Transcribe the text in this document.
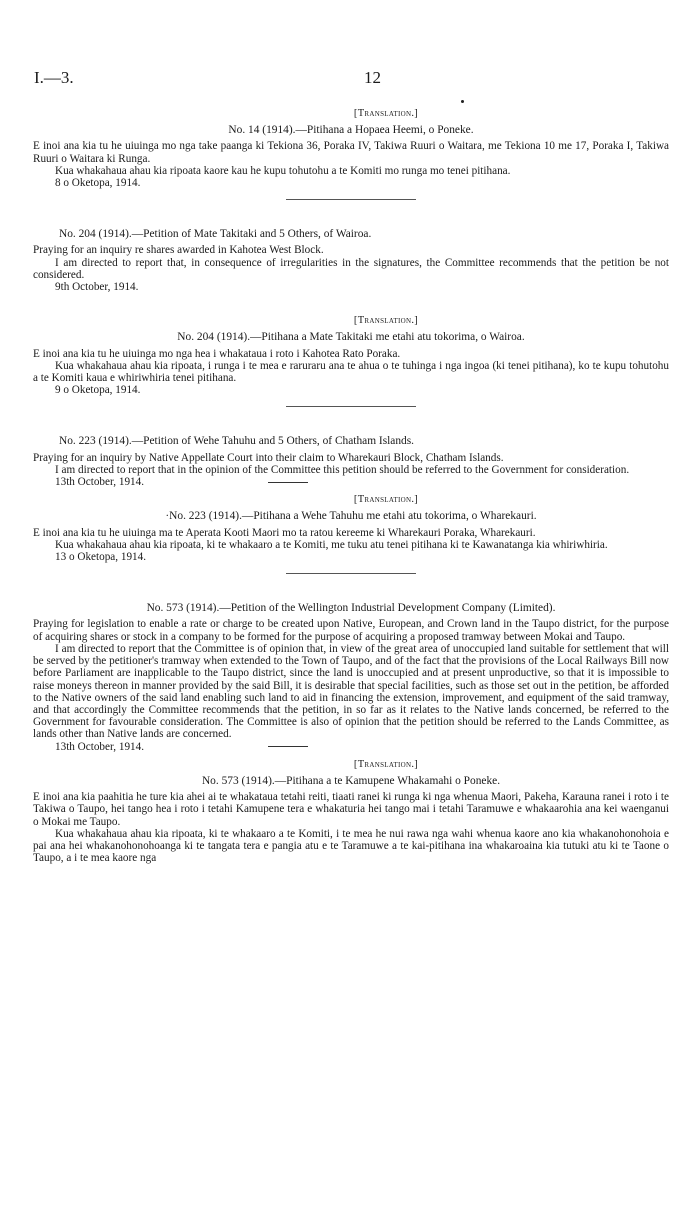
I.—3.	12
[Translation.]
No. 14 (1914).—Pitihana a Hopaea Heemi, o Poneke.

E inoi ana kia tu he uiuinga mo nga take paanga ki Tekiona 36, Poraka IV, Takiwa Ruuri o Waitara, me Tekiona 10 me 17, Poraka I, Takiwa Ruuri o Waitara ki Runga.

Kua whakahaua ahau kia ripoata kaore kau he kupu tohutohu a te Komiti mo runga mo tenei pitihana.

8 o Oketopa, 1914.
No. 204 (1914).—Petition of Mate Takitaki and 5 Others, of Wairoa.

Praying for an inquiry re shares awarded in Kahotea West Block.

I am directed to report that, in consequence of irregularities in the signatures, the Committee recommends that the petition be not considered.

9th October, 1914.
[Translation.]
No. 204 (1914).—Pitihana a Mate Takitaki me etahi atu tokorima, o Wairoa.

E inoi ana kia tu he uiuinga mo nga hea i whakataua i roto i Kahotea Rato Poraka.

Kua whakahaua ahau kia ripoata, i runga i te mea e raruraru ana te ahua o te tuhinga i nga ingoa (ki tenei pitihana), ko te kupu tohutohu a te Komiti kaua e whiriwhiria tenei pitihana.

9 o Oketopa, 1914.
No. 223 (1914).—Petition of Wehe Tahuhu and 5 Others, of Chatham Islands.

Praying for an inquiry by Native Appellate Court into their claim to Wharekauri Block, Chatham Islands.

I am directed to report that in the opinion of the Committee this petition should be referred to the Government for consideration.

13th October, 1914.
[Translation.]
·No. 223 (1914).—Pitihana a Wehe Tahuhu me etahi atu tokorima, o Wharekauri.

E inoi ana kia tu he uiuinga ma te Aperata Kooti Maori mo ta ratou kereeme ki Wharekauri Poraka, Wharekauri.

Kua whakahaua ahau kia ripoata, ki te whakaaro a te Komiti, me tuku atu tenei pitihana ki te Kawanatanga kia whiriwhiria.

13 o Oketopa, 1914.
No. 573 (1914).—Petition of the Wellington Industrial Development Company (Limited).

Praying for legislation to enable a rate or charge to be created upon Native, European, and Crown land in the Taupo district, for the purpose of acquiring shares or stock in a company to be formed for the purpose of acquiring a proposed tramway between Mokai and Taupo.

I am directed to report that the Committee is of opinion that, in view of the great area of unoccupied land suitable for settlement that will be served by the petitioner's tramway when extended to the Town of Taupo, and of the fact that the provisions of the Local Railways Bill now before Parliament are inapplicable to the Taupo district, since the land is unoccupied and at present unproductive, so that it is impossible to raise moneys thereon in manner provided by the said Bill, it is desirable that special facilities, such as those set out in the petition, be afforded to the Native owners of the said land enabling such land to aid in financing the extension, improvement, and equipment of the said tramway, and that accordingly the Committee recommends that the petition, in so far as it relates to the Native lands concerned, be referred to the Government for favourable consideration. The Committee is also of opinion that the petition should be referred to the Lands Committee, as lands other than Native lands are concerned.

13th October, 1914.
[Translation.]
No. 573 (1914).—Pitihana a te Kamupene Whakamahi o Poneke.

E inoi ana kia paahitia he ture kia ahei ai te whakataua tetahi reiti, tiaati ranei ki runga ki nga whenua Maori, Pakeha, Karauna ranei i roto i te Takiwa o Taupo, hei tango hea i roto i tetahi Kamupene tera e whakaturia hei tango mai i tetahi Taramuwe e whakaarohia ana kei waenganui o Mokai me Taupo.

Kua whakahaua ahau kia ripoata, ki te whakaaro a te Komiti, i te mea he nui rawa nga wahi whenua kaore ano kia whakanohonohoia e pai ana hei whakanohonohoanga ki te tangata tera e pangia atu e te Taramuwe a te kai-pitihana ina whakaroaina kia tutuki atu ki te Taone o Taupo, a i te mea kaore nga
